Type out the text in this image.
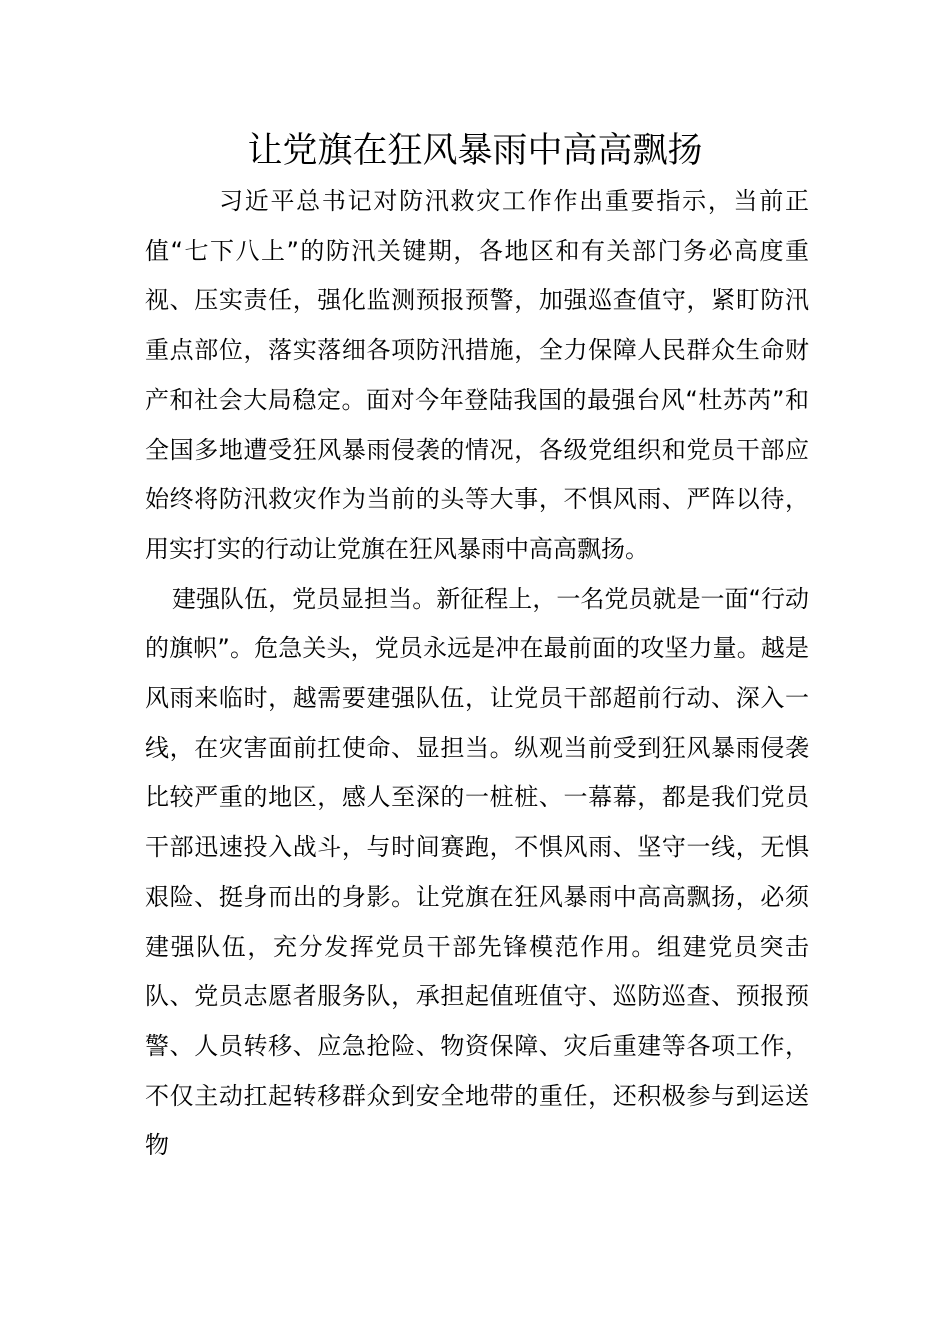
让党旗在狂风暴雨中高高飘扬

习近平总书记对防汛救灾工作作出重要指示，当前正值“七下八上”的防汛关键期，各地区和有关部门务必高度重视、压实责任，强化监测预报预警，加强巡查值守，紧盯防汛重点部位，落实落细各项防汛措施，全力保障人民群众生命财产和社会大局稳定。面对今年登陆我国的最强台风“杜苏芮”和全国多地遭受狂风暴雨侵袭的情况，各级党组织和党员干部应始终将防汛救灾作为当前的头等大事，不惧风雨、严阵以待，用实打实的行动让党旗在狂风暴雨中高高飘扬。

建强队伍，党员显担当。新征程上，一名党员就是一面“行动的旗帜”。危急关头，党员永远是冲在最前面的攻坚力量。越是风雨来临时，越需要建强队伍，让党员干部超前行动、深入一线，在灾害面前扛使命、显担当。纵观当前受到狂风暴雨侵袭比较严重的地区，感人至深的一桩桩、一幕幕，都是我们党员干部迅速投入战斗，与时间赛跑，不惧风雨、坚守一线，无惧艰险、挺身而出的身影。让党旗在狂风暴雨中高高飘扬，必须建强队伍，充分发挥党员干部先锋模范作用。组建党员突击队、党员志愿者服务队，承担起值班值守、巡防巡查、预报预警、人员转移、应急抢险、物资保障、灾后重建等各项工作，不仅主动扛起转移群众到安全地带的重任，还积极参与到运送物
